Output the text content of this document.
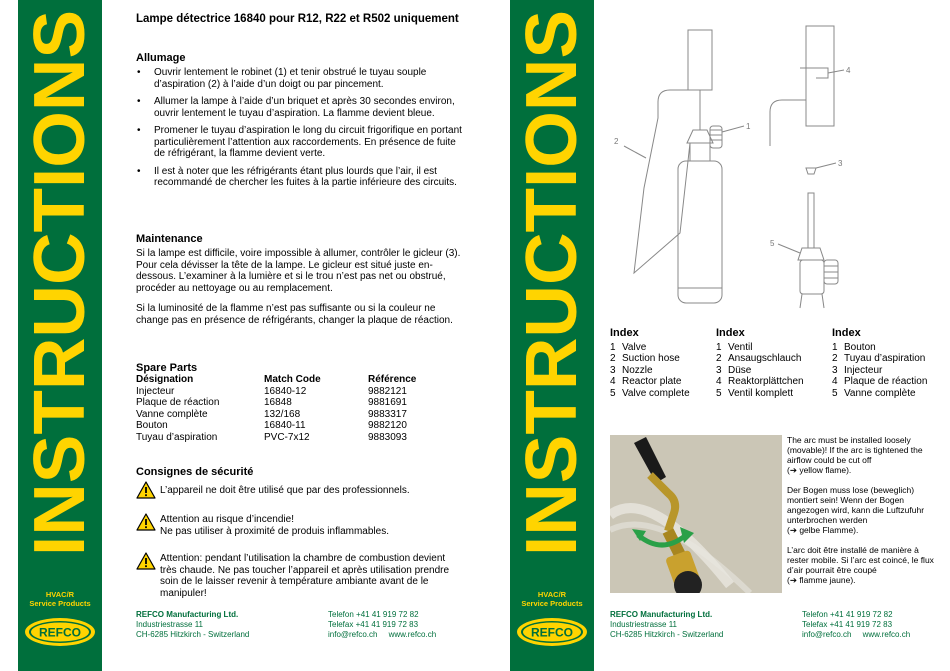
INSTRUCTIONS
HVAC/R
Service Products
REFCO
INSTRUCTIONS
HVAC/R
Service Products
REFCO
Lampe détectrice 16840 pour R12, R22 et R502 uniquement
Allumage
• Ouvrir lentement le robinet (1) et tenir obstrué le tuyau souple d’aspiration (2) à l’aide d’un doigt ou par pincement.
• Allumer la lampe à l’aide d’un briquet et après 30 secondes environ, ouvrir lentement le tuyau d’aspiration. La flamme devient bleue.
• Promener le tuyau d’aspiration le long du circuit frigorifique en portant particulièrement l’attention aux raccordements. En présence de fuite de réfrigérant, la flamme devient verte.
• Il est à noter que les réfrigérants étant plus lourds que l’air, il est recommandé de chercher les fuites à la partie inférieure des circuits.
Maintenance
Si la lampe est difficile, voire impossible à allumer, contrôler le gicleur (3). Pour cela dévisser la tête de la lampe. Le gicleur est situé juste en-dessous. L’examiner à la lumière et si le trou n’est pas net ou obstrué, procéder au nettoyage ou au remplacement.
Si la luminosité de la flamme n’est pas suffisante ou si la couleur ne change pas en présence de réfrigérants, changer la plaque de réaction.
Spare Parts
Désignation	Match Code	Référence
Injecteur	16840-12	9882121
Plaque de réaction	16848	9881691
Vanne complète	132/168	9883317
Bouton	16840-11	9882120
Tuyau d’aspiration	PVC-7x12	9883093
Consignes de sécurité
L’appareil ne doit être utilisé que par des professionnels.
Attention au risque d’incendie!
Ne pas utiliser à proximité de produis inflammables.
Attention: pendant l’utilisation la chambre de combustion devient très chaude. Ne pas toucher l’appareil et après utilisation prendre soin de le laisser revenir à température ambiante avant de le manipuler!
REFCO Manufacturing Ltd.
Industriestrasse 11
CH-6285 Hitzkirch - Switzerland
Telefon +41 41 919 72 82
Telefax +41 41 919 72 83
info@refco.ch www.refco.ch
1
2
4
3
5
Index
1 Valve
2 Suction hose
3 Nozzle
4 Reactor plate
5 Valve complete
Index
1 Ventil
2 Ansaugschlauch
3 Düse
4 Reaktorplättchen
5 Ventil komplett
Index
1 Bouton
2 Tuyau d’aspiration
3 Injecteur
4 Plaque de réaction
5 Vanne complète
The arc must be installed loosely (movable)! If the arc is tightened the airflow could be cut off
(➔ yellow flame).
Der Bogen muss lose (beweglich) montiert sein! Wenn der Bogen angezogen wird, kann die Luftzufuhr unterbrochen werden
(➔ gelbe Flamme).
L’arc doit être installé de manière à rester mobile. Si l’arc est coincé, le flux d’air pourrait être coupé
(➔ flamme jaune).
REFCO Manufacturing Ltd.
Industriestrasse 11
CH-6285 Hitzkirch - Switzerland
Telefon +41 41 919 72 82
Telefax +41 41 919 72 83
info@refco.ch www.refco.ch
